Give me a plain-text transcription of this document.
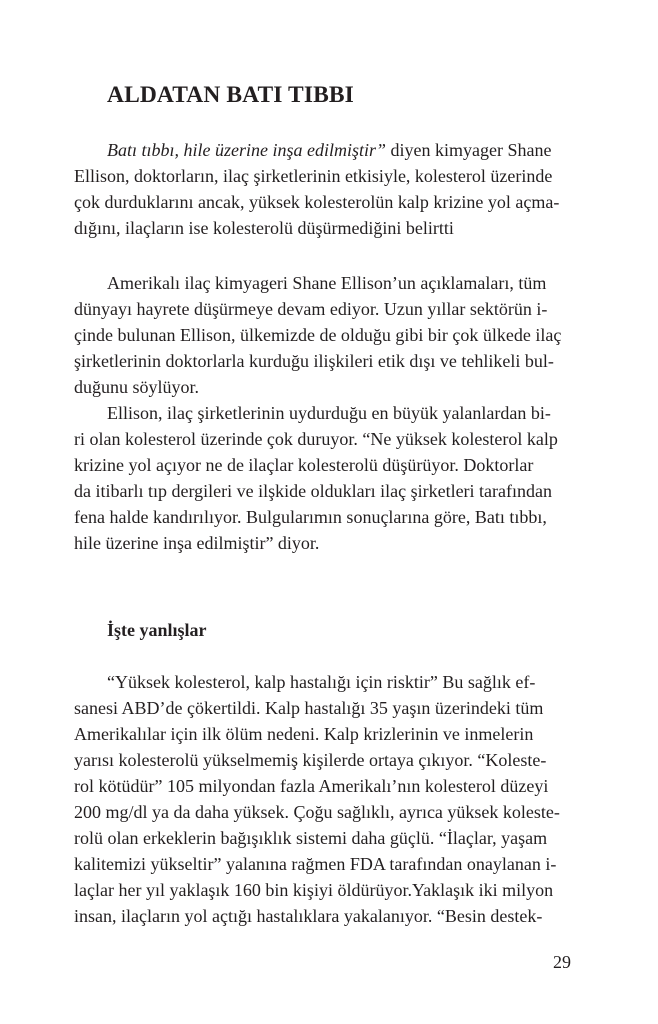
ALDATAN BATI TIBBI
Batı tıbbı, hile üzerine inşa edilmiştir” diyen kimyager Shane
Ellison, doktorların, ilaç şirketlerinin etkisiyle, kolesterol üzerinde
çok durduklarını ancak, yüksek kolesterolün kalp krizine yol açma-
dığını, ilaçların ise kolesterolü düşürmediğini belirtti
Amerikalı ilaç kimyageri Shane Ellison’un açıklamaları, tüm
dünyayı hayrete düşürmeye devam ediyor. Uzun yıllar sektörün i-
çinde bulunan Ellison, ülkemizde de olduğu gibi bir çok ülkede ilaç
şirketlerinin doktorlarla kurduğu ilişkileri etik dışı ve tehlikeli bul-
duğunu söylüyor.
Ellison, ilaç şirketlerinin uydurduğu en büyük yalanlardan bi-
ri olan kolesterol üzerinde çok duruyor. “Ne yüksek kolesterol kalp
krizine yol açıyor ne de ilaçlar kolesterolü düşürüyor. Doktorlar
da itibarlı tıp dergileri ve ilşkide oldukları ilaç şirketleri tarafından
fena halde kandırılıyor. Bulgularımın sonuçlarına göre, Batı tıbbı,
hile üzerine inşa edilmiştir” diyor.
İşte yanlışlar
“Yüksek kolesterol, kalp hastalığı için risktir” Bu sağlık ef-
sanesi ABD’de çökertildi. Kalp hastalığı 35 yaşın üzerindeki tüm
Amerikalılar için ilk ölüm nedeni. Kalp krizlerinin ve inmelerin
yarısı kolesterolü yükselmemiş kişilerde ortaya çıkıyor. “Koleste-
rol kötüdür” 105 milyondan fazla Amerikalı’nın kolesterol düzeyi
200 mg/dl ya da daha yüksek. Çoğu sağlıklı, ayrıca yüksek koleste-
rolü olan erkeklerin bağışıklık sistemi daha güçlü. “İlaçlar, yaşam
kalitemizi yükseltir” yalanına rağmen FDA tarafından onaylanan i-
laçlar her yıl yaklaşık 160 bin kişiyi öldürüyor.Yaklaşık iki milyon
insan, ilaçların yol açtığı hastalıklara yakalanıyor. “Besin destek-
29
